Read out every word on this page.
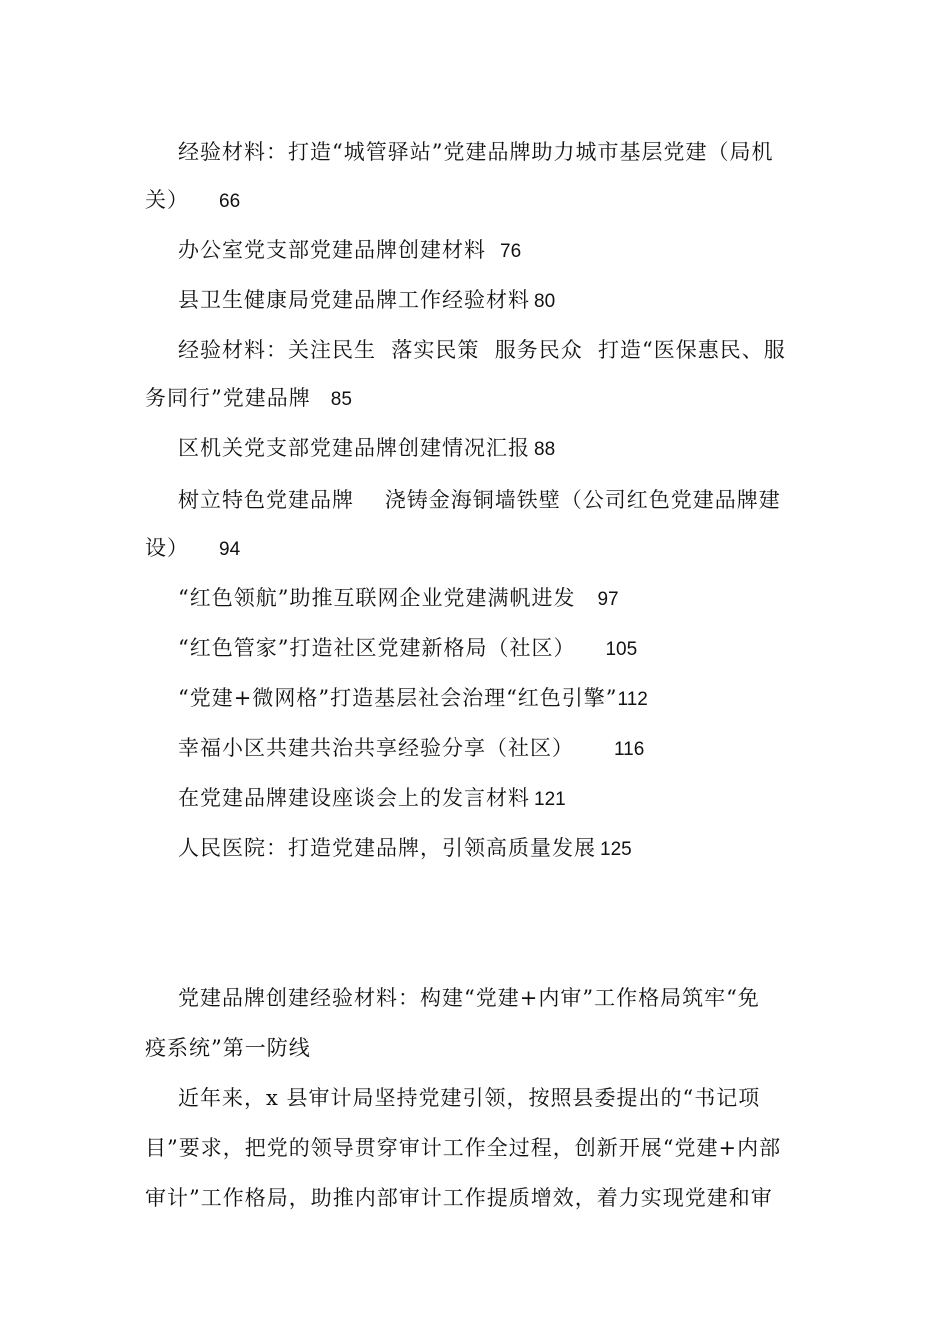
经验材料：打造“城管驿站”党建品牌助力城市基层党建（局机
关） 66
办公室党支部党建品牌创建材料 76
县卫生健康局党建品牌工作经验材料 80
经验材料：关注民生  落实民策  服务民众  打造“医保惠民、服
务同行”党建品牌 85
区机关党支部党建品牌创建情况汇报 88
树立特色党建品牌    浇铸金海铜墙铁壁（公司红色党建品牌建
设） 94
“红色领航”助推互联网企业党建满帆进发 97
“红色管家”打造社区党建新格局（社区） 105
“党建+微网格”打造基层社会治理“红色引擎”112
幸福小区共建共治共享经验分享（社区） 116
在党建品牌建设座谈会上的发言材料 121
人民医院：打造党建品牌，引领高质量发展 125
党建品牌创建经验材料：构建“党建+内审”工作格局筑牢“免
疫系统”第一防线
近年来，x 县审计局坚持党建引领，按照县委提出的“书记项
目”要求，把党的领导贯穿审计工作全过程，创新开展“党建+内部
审计”工作格局，助推内部审计工作提质增效，着力实现党建和审
